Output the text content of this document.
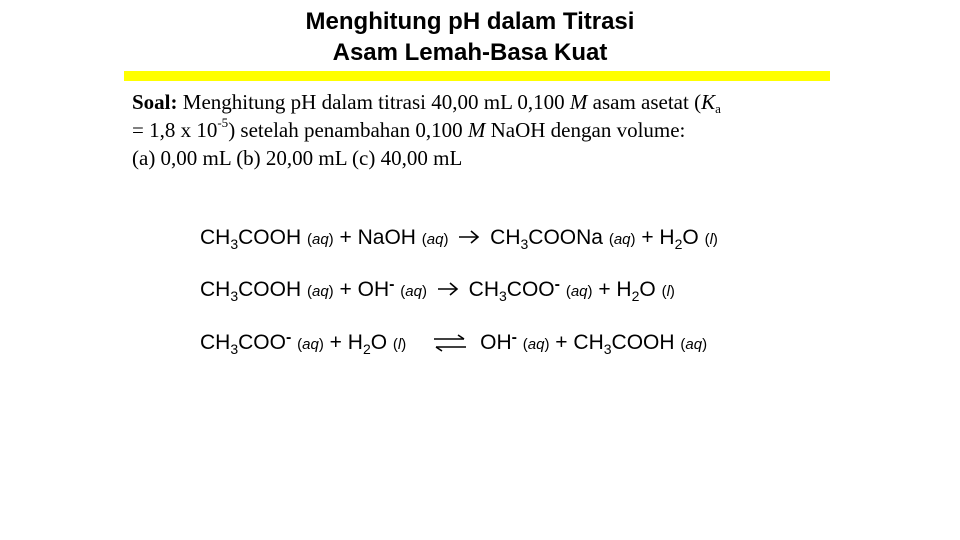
Menghitung pH dalam Titrasi
Asam Lemah-Basa Kuat
Soal: Menghitung pH dalam titrasi 40,00 mL 0,100 M asam asetat ($K_a$
= 1,8 x $10^{-5}$) setelah penambahan 0,100 M NaOH dengan volume:
(a) 0,00 mL (b) 20,00 mL (c) 40,00 mL
$CH_3COOH$ (aq) + NaOH (aq)  $CH_3COONa$ $(aq) + H_2O$ (l)
$CH_3COOH$ (aq) + OH- (aq)  $CH_3COO^-$ $(aq) + H_2O$ (l)
$CH_3COO^-$ $(aq) + H_2O$ (l) ⇌ OH- $(aq) + CH_3COOH$ (aq)
